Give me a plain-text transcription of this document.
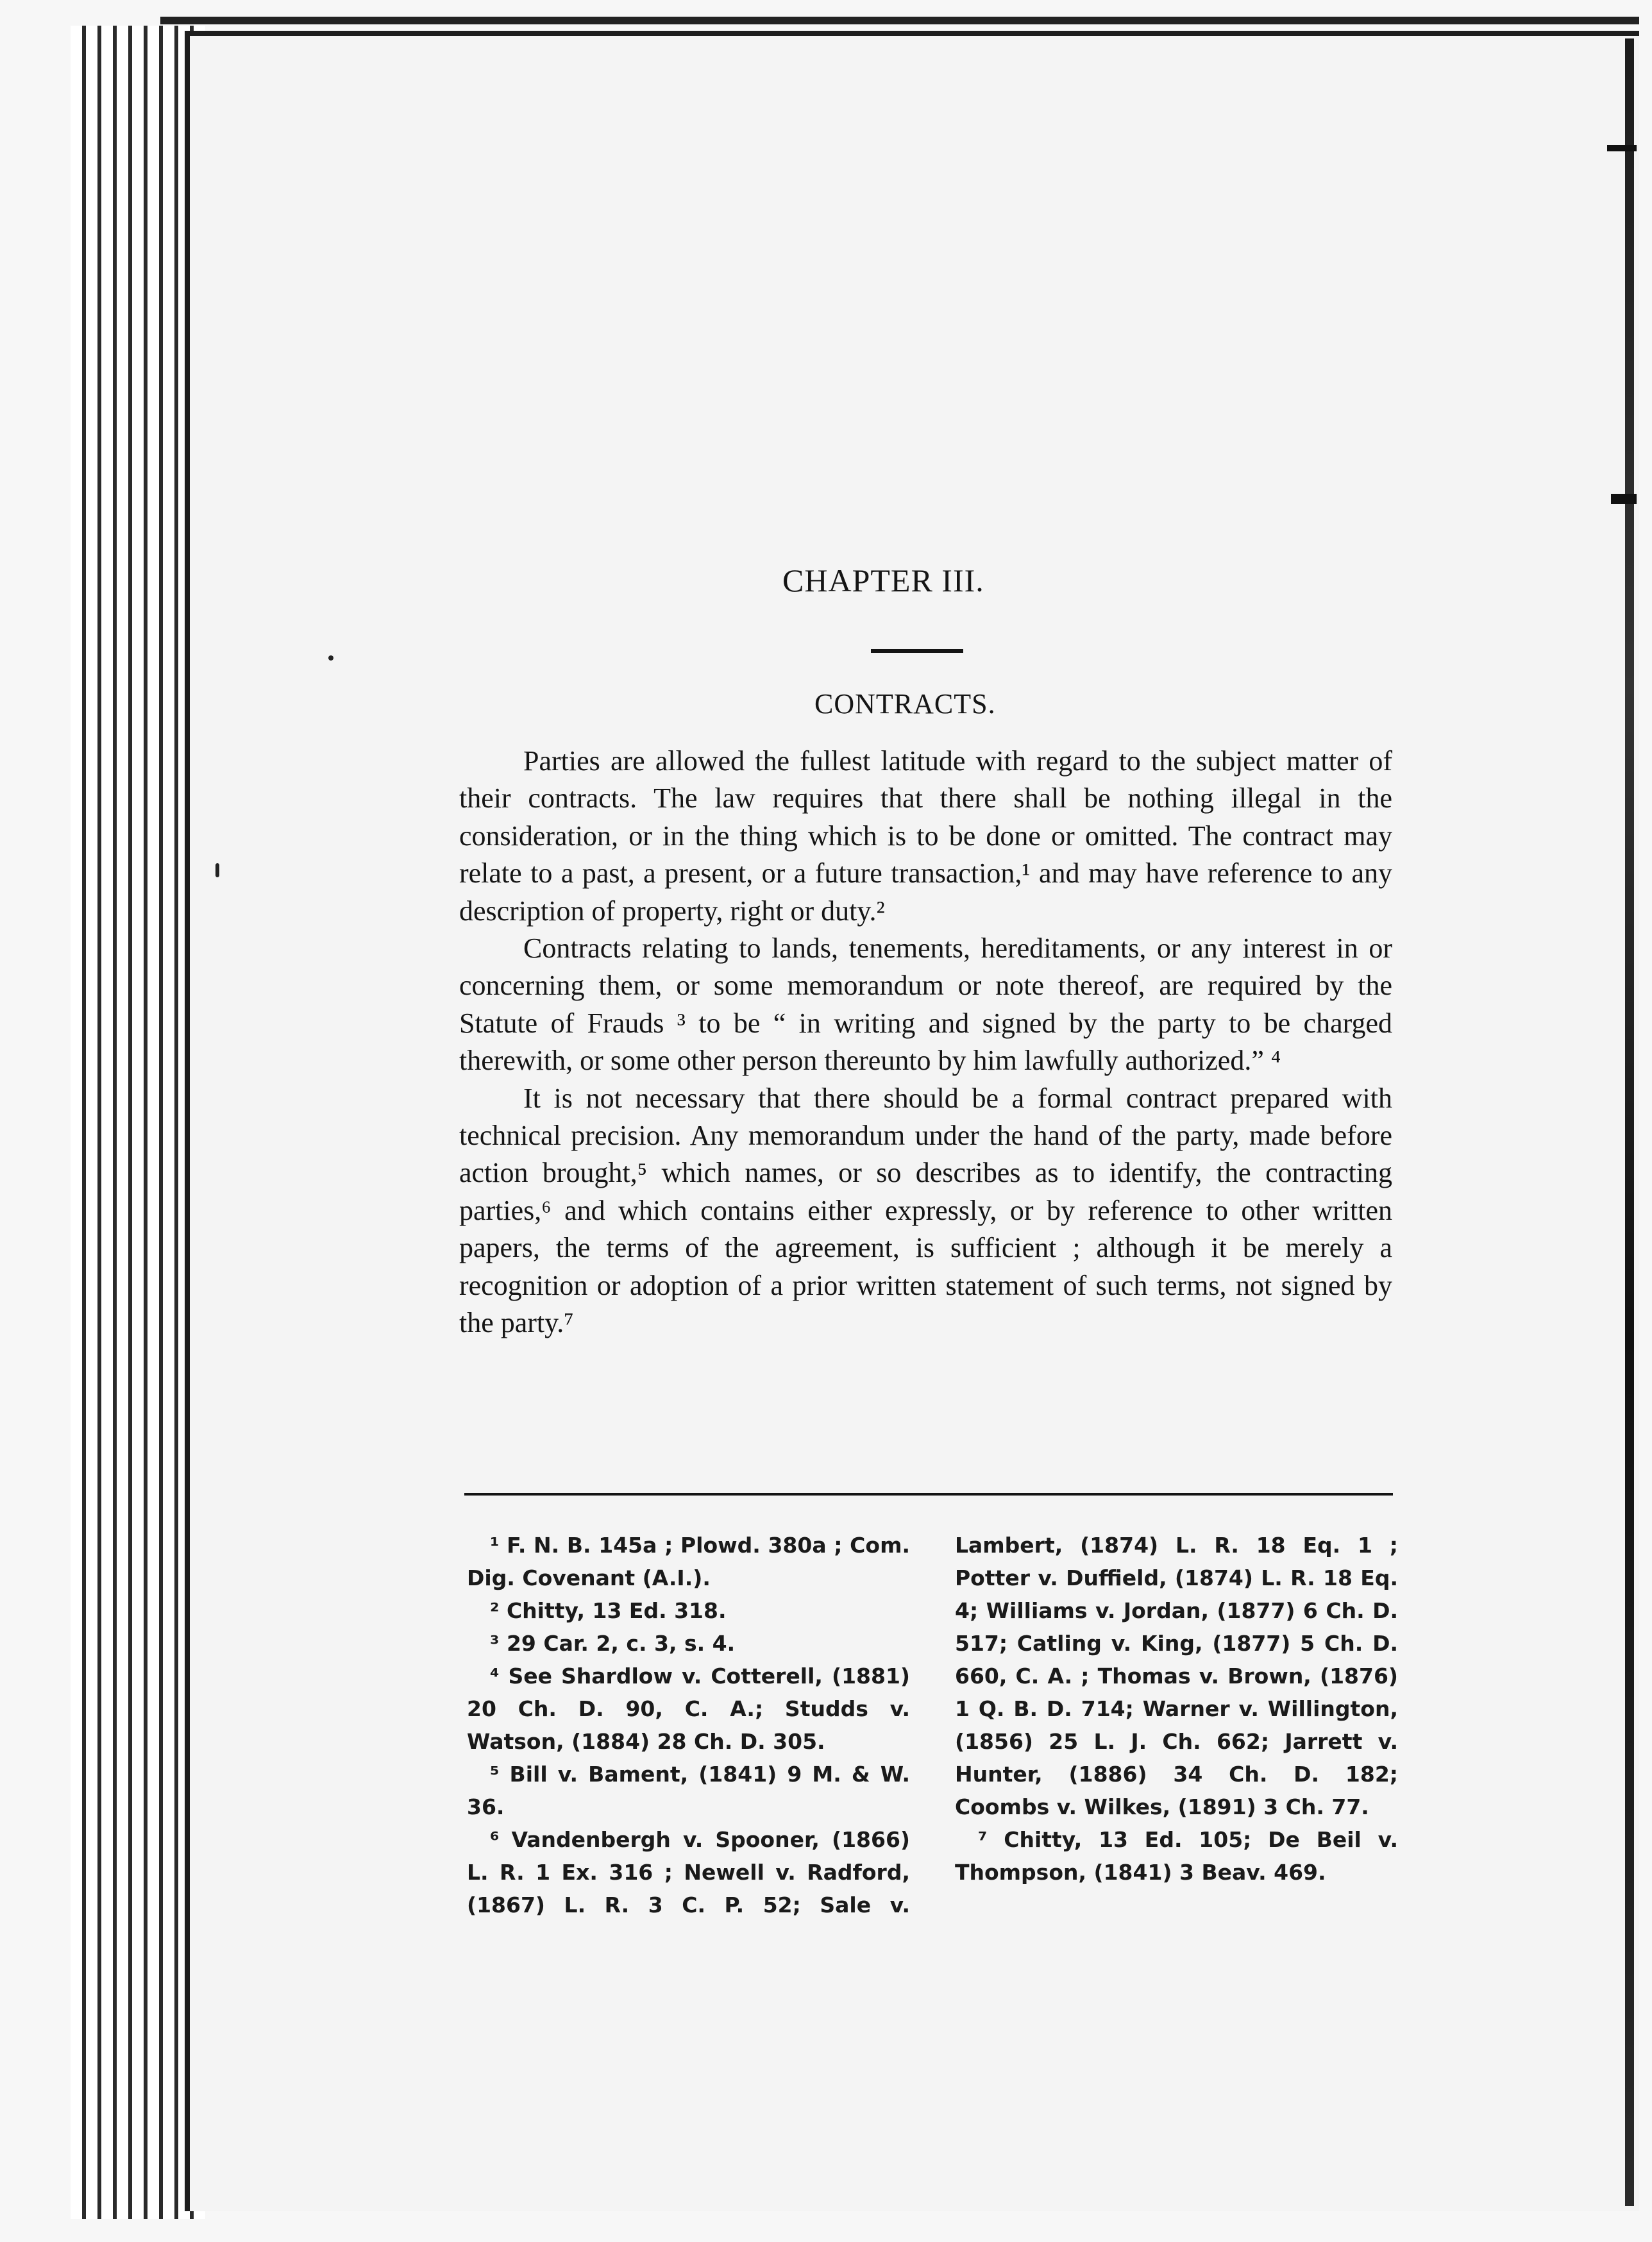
CHAPTER III.
CONTRACTS.

Parties are allowed the fullest latitude with regard to the subject matter of their contracts. The law requires that there shall be nothing illegal in the consideration, or in the thing which is to be done or omitted. The contract may relate to a past, a present, or a future transaction,¹ and may have reference to any description of property, right or duty.²

Contracts relating to lands, tenements, hereditaments, or any interest in or concerning them, or some memorandum or note thereof, are required by the Statute of Frauds ³ to be “ in writing and signed by the party to be charged therewith, or some other person thereunto by him lawfully authorized.” ⁴

It is not necessary that there should be a formal contract prepared with technical precision. Any memorandum under the hand of the party, made before action brought,⁵ which names, or so describes as to identify, the contracting parties,⁶ and which contains either expressly, or by reference to other written papers, the terms of the agreement, is sufficient ; although it be merely a recognition or adoption of a prior written statement of such terms, not signed by the party.⁷

¹ F. N. B. 145a ; Plowd. 380a ; Com. Dig. Covenant (A.I.).

² Chitty, 13 Ed. 318.

³ 29 Car. 2, c. 3, s. 4.

⁴ See Shardlow v. Cotterell, (1881) 20 Ch. D. 90, C. A.; Studds v. Watson, (1884) 28 Ch. D. 305.

⁵ Bill v. Bament, (1841) 9 M. & W. 36.

⁶ Vandenbergh v. Spooner, (1866) L. R. 1 Ex. 316 ; Newell v. Radford, (1867) L. R. 3 C. P. 52; Sale v. Lambert, (1874) L. R. 18 Eq. 1 ; Potter v. Duffield, (1874) L. R. 18 Eq. 4; Williams v. Jordan, (1877) 6 Ch. D. 517; Catling v. King, (1877) 5 Ch. D. 660, C. A. ; Thomas v. Brown, (1876) 1 Q. B. D. 714; Warner v. Willington, (1856) 25 L. J. Ch. 662; Jarrett v. Hunter, (1886) 34 Ch. D. 182; Coombs v. Wilkes, (1891) 3 Ch. 77.

⁷ Chitty, 13 Ed. 105; De Beil v. Thompson, (1841) 3 Beav. 469.
